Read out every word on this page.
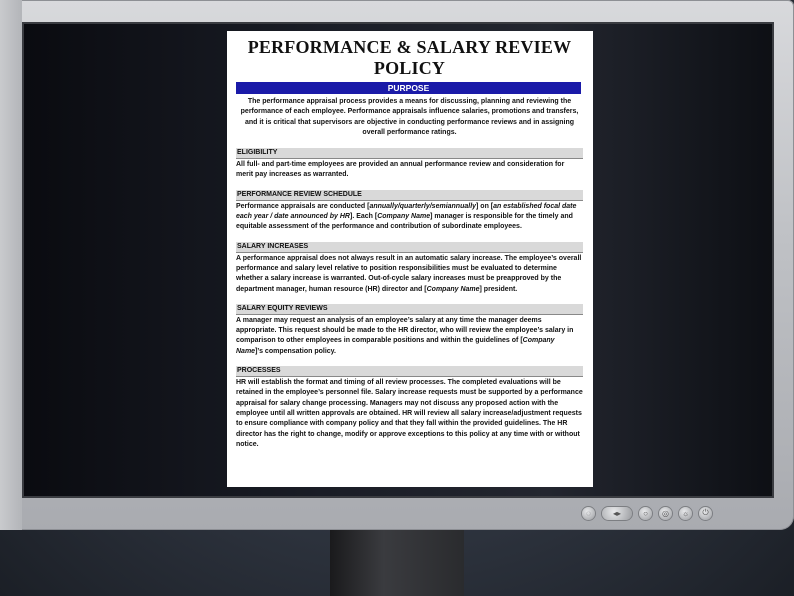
◌	◂▸	○	◎	☼	⏻
PERFORMANCE & SALARY REVIEW POLICY
PURPOSE
The performance appraisal process provides a means for discussing, planning and reviewing the performance of each employee. Performance appraisals influence salaries, promotions and transfers, and it is critical that supervisors are objective in conducting performance reviews and in assigning overall performance ratings.
ELIGIBILITY
All full- and part-time employees are provided an annual performance review and consideration for merit pay increases as warranted.
PERFORMANCE REVIEW SCHEDULE
Performance appraisals are conducted [annually/quarterly/semiannually] on [an established focal date each year / date announced by HR]. Each [Company Name] manager is responsible for the timely and equitable assessment of the performance and contribution of subordinate employees.
SALARY INCREASES
A performance appraisal does not always result in an automatic salary increase. The employee’s overall performance and salary level relative to position responsibilities must be evaluated to determine whether a salary increase is warranted. Out-of-cycle salary increases must be preapproved by the department manager, human resource (HR) director and [Company Name] president.
SALARY EQUITY REVIEWS
A manager may request an analysis of an employee’s salary at any time the manager deems appropriate. This request should be made to the HR director, who will review the employee’s salary in comparison to other employees in comparable positions and within the guidelines of [Company Name]’s compensation policy.
PROCESSES
HR will establish the format and timing of all review processes. The completed evaluations will be retained in the employee’s personnel file. Salary increase requests must be supported by a performance appraisal for salary change processing. Managers may not discuss any proposed action with the employee until all written approvals are obtained. HR will review all salary increase/adjustment requests to ensure compliance with company policy and that they fall within the provided guidelines. The HR director has the right to change, modify or approve exceptions to this policy at any time with or without notice.
